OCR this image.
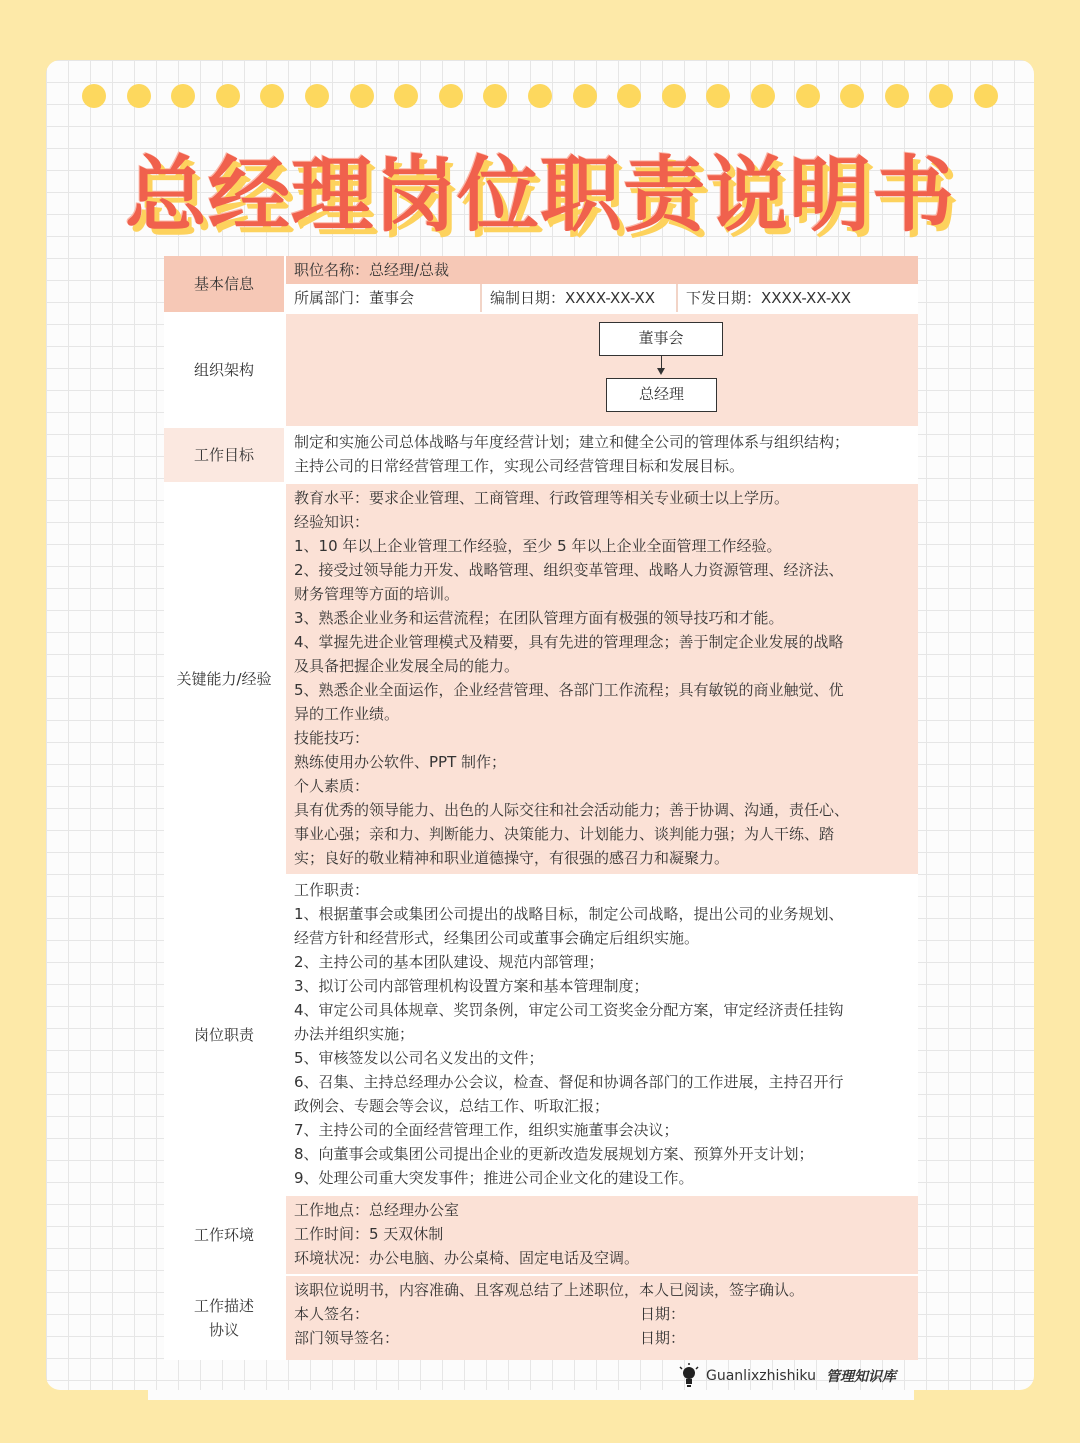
总经理岗位职责说明书
基本信息
职位名称：总经理/总裁
所属部门：董事会	编制日期：XXXX-XX-XX	下发日期：XXXX-XX-XX
组织架构
董事会
总经理
工作目标

制定和实施公司总体战略与年度经营计划；建立和健全公司的管理体系与组织结构；

主持公司的日常经营管理工作，实现公司经营管理目标和发展目标。

关键能力/经验

教育水平：要求企业管理、工商管理、行政管理等相关专业硕士以上学历。

经验知识：

1、10 年以上企业管理工作经验，至少 5 年以上企业全面管理工作经验。

2、接受过领导能力开发、战略管理、组织变革管理、战略人力资源管理、经济法、

财务管理等方面的培训。

3、熟悉企业业务和运营流程；在团队管理方面有极强的领导技巧和才能。

4、掌握先进企业管理模式及精要，具有先进的管理理念；善于制定企业发展的战略

及具备把握企业发展全局的能力。

5、熟悉企业全面运作，企业经营管理、各部门工作流程；具有敏锐的商业触觉、优

异的工作业绩。

技能技巧：

熟练使用办公软件、PPT 制作；

个人素质：

具有优秀的领导能力、出色的人际交往和社会活动能力；善于协调、沟通，责任心、

事业心强；亲和力、判断能力、决策能力、计划能力、谈判能力强；为人干练、踏

实；良好的敬业精神和职业道德操守，有很强的感召力和凝聚力。

岗位职责

工作职责：

1、根据董事会或集团公司提出的战略目标，制定公司战略，提出公司的业务规划、

经营方针和经营形式，经集团公司或董事会确定后组织实施。

2、主持公司的基本团队建设、规范内部管理；

3、拟订公司内部管理机构设置方案和基本管理制度；

4、审定公司具体规章、奖罚条例，审定公司工资奖金分配方案，审定经济责任挂钩

办法并组织实施；

5、审核签发以公司名义发出的文件；

6、召集、主持总经理办公会议，检查、督促和协调各部门的工作进展，主持召开行

政例会、专题会等会议，总结工作、听取汇报；

7、主持公司的全面经营管理工作，组织实施董事会决议；

8、向董事会或集团公司提出企业的更新改造发展规划方案、预算外开支计划；

9、处理公司重大突发事件；推进公司企业文化的建设工作。

工作环境

工作地点：总经理办公室

工作时间：5 天双休制

环境状况：办公电脑、办公桌椅、固定电话及空调。

工作描述
协议

该职位说明书，内容准确、且客观总结了上述职位，本人已阅读，签字确认。

本人签名：	日期：
部门领导签名：	日期：
Guanlixzhishiku 管理知识库
